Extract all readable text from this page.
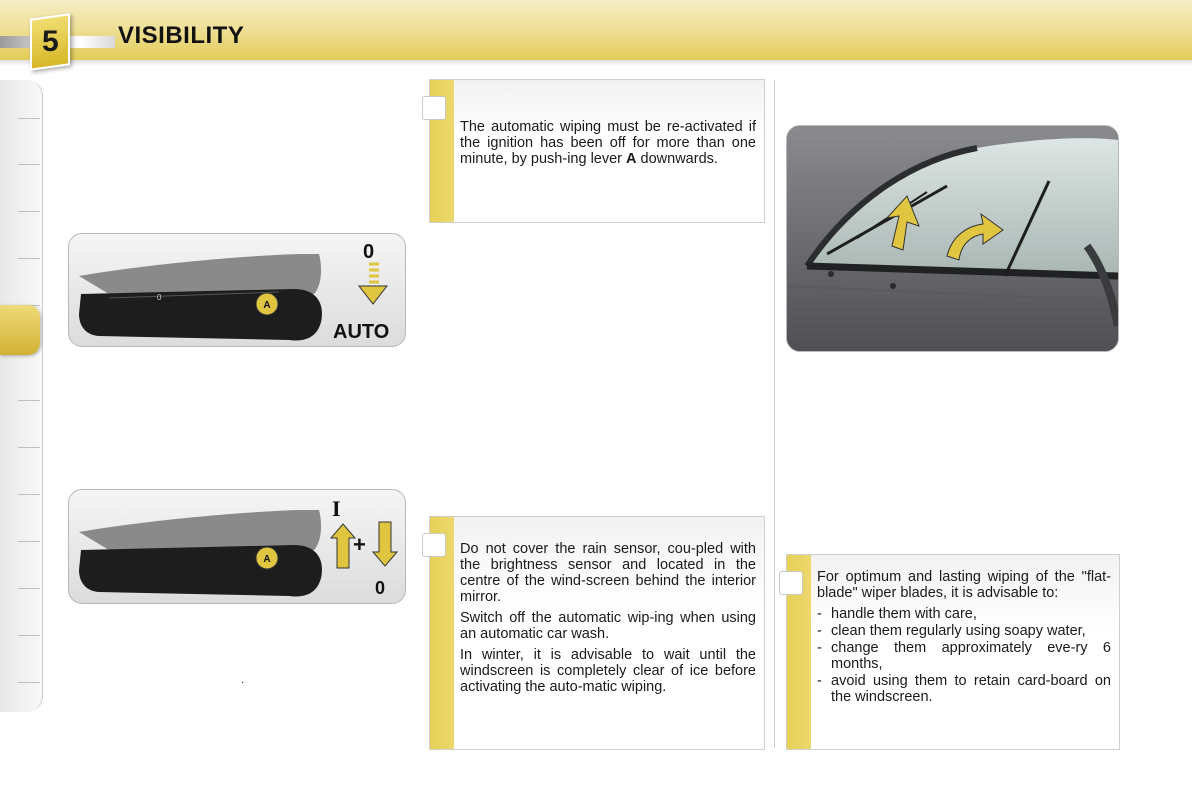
5 VISIBILITY
A
0
0
AUTO
A
I
+
0
.
The automatic wiping must be re-activated if the ignition has been off for more than one minute, by push-ing lever A downwards.

Do not cover the rain sensor, cou-pled with the brightness sensor and located in the centre of the wind-screen behind the interior mirror.

Switch off the automatic wip-ing when using an automatic car wash.

In winter, it is advisable to wait until the windscreen is completely clear of ice before activating the auto-matic wiping.

For optimum and lasting wiping of the "flat-blade" wiper blades, it is advisable to:

- handle them with care,
- clean them regularly using soapy water,
- change them approximately eve-ry 6 months,
- avoid using them to retain card-board on the windscreen.
